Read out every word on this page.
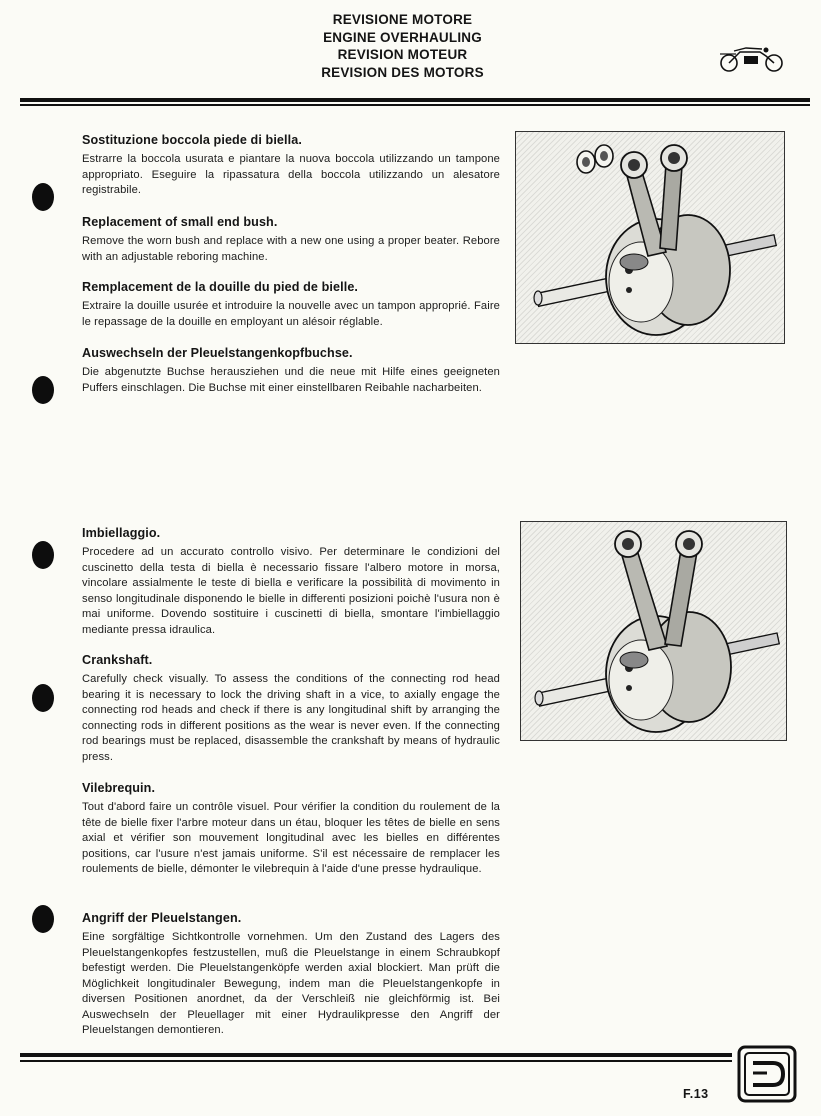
REVISIONE MOTORE
ENGINE OVERHAULING
REVISION MOTEUR
REVISION DES MOTORS
Sostituzione boccola piede di biella.

Estrarre la boccola usurata e piantare la nuova boccola utilizzando un tampone appropriato. Eseguire la ripassatura della boccola utilizzando un alesatore registrabile.

Replacement of small end bush.

Remove the worn bush and replace with a new one using a proper beater. Rebore with an adjustable reboring machine.

Remplacement de la douille du pied de bielle.

Extraire la douille usurée et introduire la nouvelle avec un tampon approprié. Faire le repassage de la douille en employant un alésoir réglable.

Auswechseln der Pleuelstangenkopfbuchse.

Die abgenutzte Buchse herausziehen und die neue mit Hilfe eines geeigneten Puffers einschlagen. Die Buchse mit einer einstellbaren Reibahle nacharbeiten.

Imbiellaggio.

Procedere ad un accurato controllo visivo. Per determinare le condizioni del cuscinetto della testa di biella è necessario fissare l'albero motore in morsa, vincolare assialmente le teste di biella e verificare la possibilità di movimento in senso longitudinale disponendo le bielle in differenti posizioni poichè l'usura non è mai uniforme. Dovendo sostituire i cuscinetti di biella, smontare l'imbiellaggio mediante pressa idraulica.

Crankshaft.

Carefully check visually. To assess the conditions of the connecting rod head bearing it is necessary to lock the driving shaft in a vice, to axially engage the connecting rod heads and check if there is any longitudinal shift by arranging the connecting rods in different positions as the wear is never even. If the connecting rod bearings must be replaced, disassemble the crankshaft by means of hydraulic press.

Vilebrequin.

Tout d'abord faire un contrôle visuel. Pour vérifier la condition du roulement de la tête de bielle fixer l'arbre moteur dans un étau, bloquer les têtes de bielle en sens axial et vérifier son mouvement longitudinal avec les bielles en différentes positions, car l'usure n'est jamais uniforme. S'il est nécessaire de remplacer les roulements de bielle, démonter le vilebrequin à l'aide d'une presse hydraulique.

Angriff der Pleuelstangen.

Eine sorgfältige Sichtkontrolle vornehmen. Um den Zustand des Lagers des Pleuelstangenkopfes festzustellen, muß die Pleuelstange in einem Schraubkopf befestigt werden. Die Pleuelstangenköpfe werden axial blockiert. Man prüft die Möglichkeit longitudinaler Bewegung, indem man die Pleuelstangenkopfe in diversen Positionen anordnet, da der Verschleiß nie gleichförmig ist. Bei Auswechseln der Pleuellager mit einer Hydraulikpresse den Angriff der Pleuelstangen demontieren.

F.13
